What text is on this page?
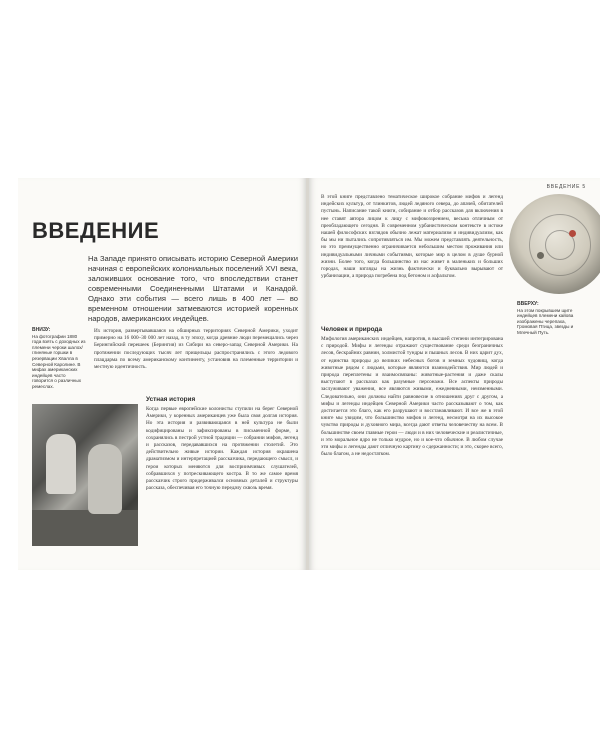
ВВЕДЕНИЕ

На Западе принято описывать историю Северной Америки начиная с европейских колониальных поселений XVI века, заложивших основание того, что впоследствии станет современными Соединенными Штатами и Канадой. Однако эти события — всего лишь в 400 лет — во временном отношении затмеваются историей коренных народов, американских индейцев.

ВНИЗУ:
На фотографии 1880 года взять с доходных из племени чероки шалох/ глиняные горшки в резервации Хвалла в Северной Каролине. В мифах американских индейцев часто говорится о различных ремеслах.

Их история, развертывавшаяся на обширных территориях Северной Америки, уходит примерно на 16 000–30 000 лет назад, в ту эпоху, когда древние люди перемещались через Берингийский перешеек (Берингия) из Сибири на северо-запад Северной Америки. На протяжении последующих тысяч лет прищельцы распространялись с этого ледового плацдарма по всему американскому континенту, установив на племенные территории и местную идентичность.

Устная история

Когда первые европейские колонисты ступили на берег Северной Америки, у коренных американцев уже была своя долгая история. Но эта история и развивающаяся в ней культура не были кодифицированы и зафиксированы в письменной форме, а сохранялись в пестрой устной традиции — собрании мифов, легенд и рассказов, передававшихся на протяжении столетий. Это действительно живые истории. Каждая история окрашена драматизмом и интерпретацией рассказчика, передающего смысл, и герои которых меняются для восприимчивых слушателей, собравшихся у потрескивающего костра. В то же самое время рассказчик строго придерживался основных деталей и структуры рассказа, обеспечивая его точную передачу сквозь время.

ВВЕДЕНИЕ 5

В этой книге представлено тематическое широкое собрание мифов и легенд индейских культур, от тлинкитов, людей ледяного севера, до апачей, обитателей пустынь. Написание такой книги, собирание и отбор рассказов для включения в нее ставят автора лицом к лицу с мифовоззрением, весьма отличным от преобладающего сегодня. В современном урбанистическом контексте в истоке нашей философских взглядов обычно лежат материализм и индивидуализм, как бы мы ни пытались сопротивляться им. Мы можем представлять деятельность, но это преимущественно ограничивается небольшим местом проживания или индивидуальными личными событиями, которые мир в целом в душе бурной жизни. Более того, когда большинство из нас живет в маленьких и больших городах, наши взгляды на жизнь фактически и буквально вырывают от урбанизации, а природа погребена под бетоном и асфальтом.

Человек и природа

Мифология американских индейцев, напротив, в высшей степени интегрирована с природой. Мифы и легенды отражают существование среди безграничных лесов, бескрайних равнин, холмистой тундры и пышных лесов. В них царит дух, от единства природы до великих небесных богов и земных чудовищ, когда животные рядом с людьми, которые являются взаимодействия. Мир людей и природа переплетены и взаимосвязаны: животные-растения и даже скалы выступают в рассказах как разумные персонажи. Все аспекты природы заслуживают уважения, все являются живыми, ежедневными, неизменными. Следовательно, они должны найти равновесие в отношениях друг с другом, а мифы и легенды индейцев Северной Америки часто рассказывают о том, как достигается это благо, как его разрушают и восстанавливают. И все же в этой книге мы увидим, что большинство мифов и легенд, несмотря на их высокое чувство природы и духовного мира, всегда дают ответы человечеству на всем. В большинстве своем главные герои — люди и в них человеческие и реалистичные, и это моральное ядро не только мудрое, но и кое-что обычное. В любом случае эти мифы и легенды дают отличную картину о сдержанности; и это, скорее всего, было благом, а не недостатком.

ВВЕРХУ:
На этом покрывшем щите индейцев племени кайова изображены черепаха, Громовая Птица, звезды и Млечный Путь.
